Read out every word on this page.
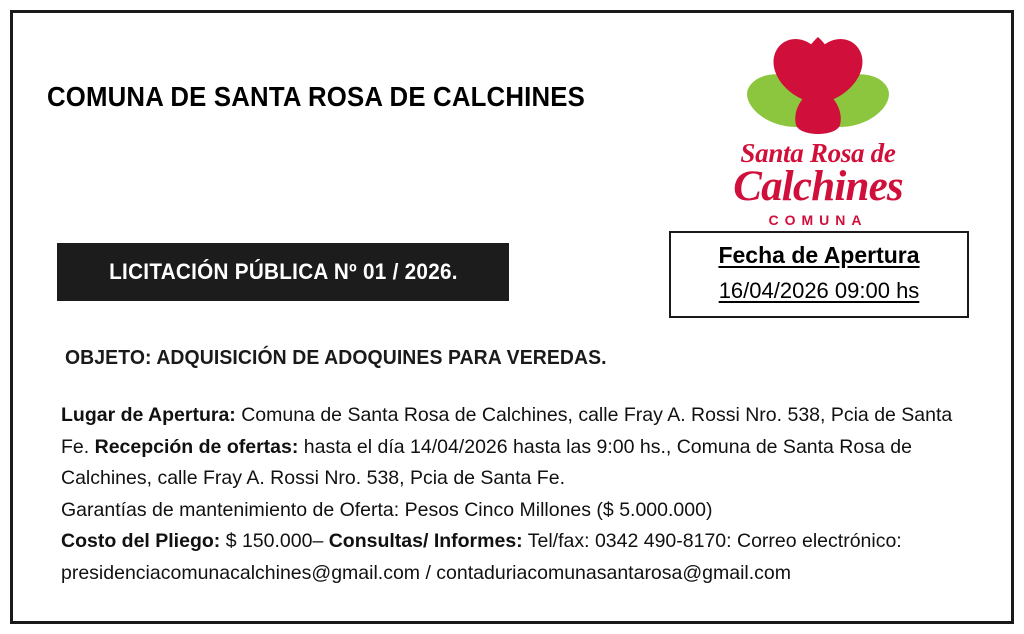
COMUNA DE SANTA ROSA DE CALCHINES
Santa Rosa de
Calchines
COMUNA
LICITACIÓN PÚBLICA Nº 01 / 2026.
Fecha de Apertura
16/04/2026 09:00 hs
OBJETO: ADQUISICIÓN DE ADOQUINES PARA VEREDAS.

Lugar de Apertura: Comuna de Santa Rosa de Calchines, calle Fray A. Rossi Nro. 538, Pcia de Santa Fe. Recepción de ofertas: hasta el día 14/04/2026 hasta las 9:00 hs., Comuna de Santa Rosa de Calchines, calle Fray A. Rossi Nro. 538, Pcia de Santa Fe.

Garantías de mantenimiento de Oferta: Pesos Cinco Millones ($ 5.000.000)

Costo del Pliego: $ 150.000– Consultas/ Informes: Tel/fax: 0342 490-8170: Correo electrónico:

presidenciacomunacalchines@gmail.com / contaduriacomunasantarosa@gmail.com
